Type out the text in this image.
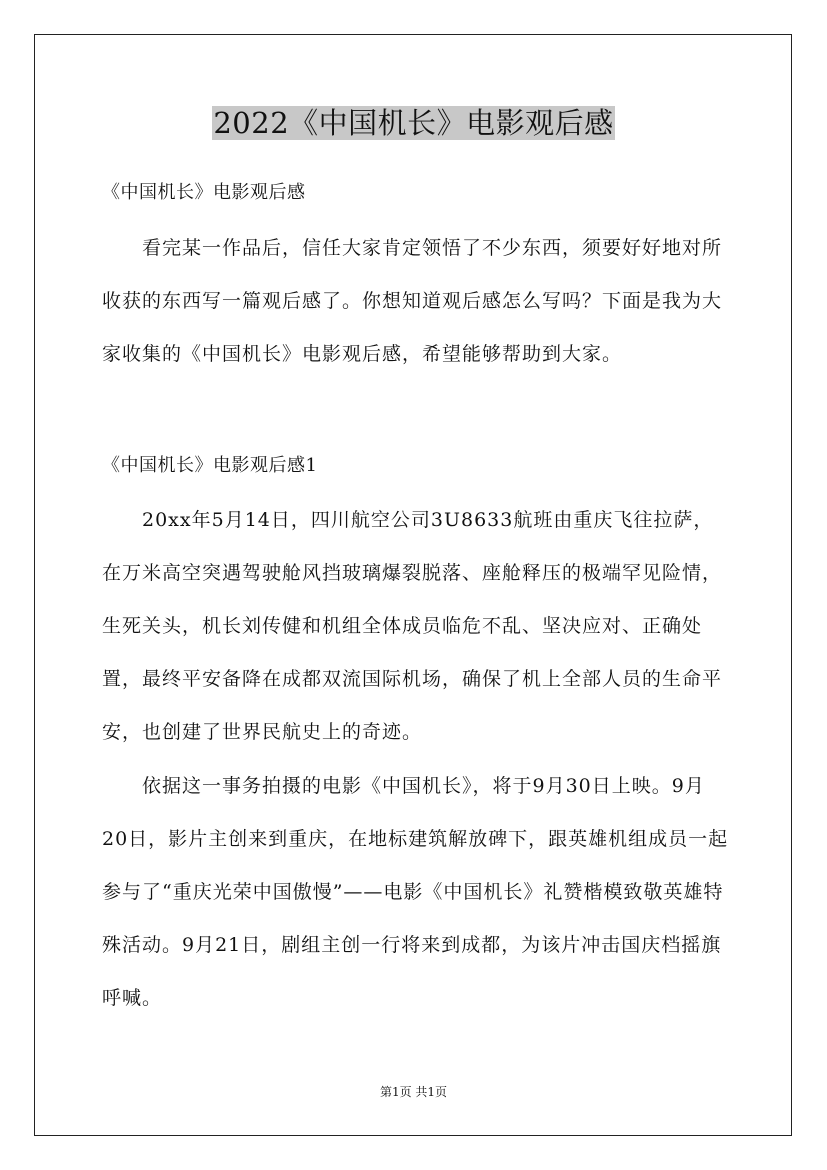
2022《中国机长》电影观后感

《中国机长》电影观后感

看完某一作品后，信任大家肯定领悟了不少东西，须要好好地对所收获的东西写一篇观后感了。你想知道观后感怎么写吗？下面是我为大家收集的《中国机长》电影观后感，希望能够帮助到大家。

《中国机长》电影观后感1

20xx年5月14日，四川航空公司3U8633航班由重庆飞往拉萨，在万米高空突遇驾驶舱风挡玻璃爆裂脱落、座舱释压的极端罕见险情，生死关头，机长刘传健和机组全体成员临危不乱、坚决应对、正确处置，最终平安备降在成都双流国际机场，确保了机上全部人员的生命平安，也创建了世界民航史上的奇迹。

依据这一事务拍摄的电影《中国机长》，将于9月30日上映。9月20日，影片主创来到重庆，在地标建筑解放碑下，跟英雄机组成员一起参与了“重庆光荣中国傲慢”——电影《中国机长》礼赞楷模致敬英雄特殊活动。9月21日，剧组主创一行将来到成都，为该片冲击国庆档摇旗呼喊。

第1页 共1页
